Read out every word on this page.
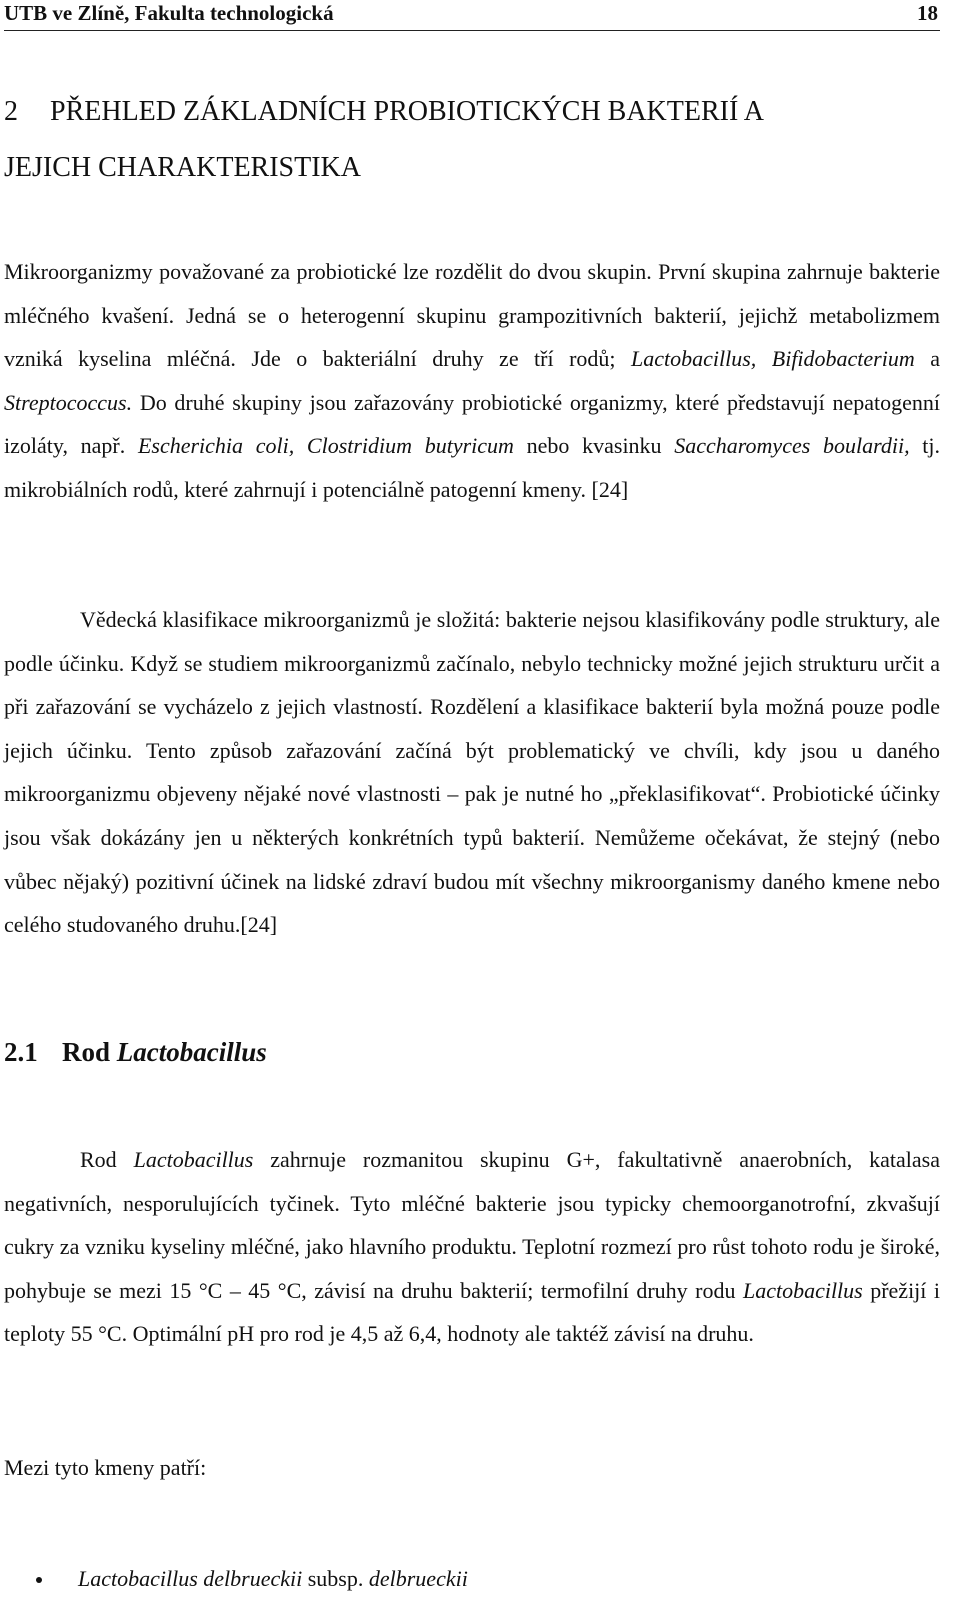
UTB ve Zlíně, Fakulta technologická	18
2 PŘEHLED ZÁKLADNÍCH PROBIOTICKÝCH BAKTERIÍ A
JEJICH CHARAKTERISTIKA

Mikroorganizmy považované za probiotické lze rozdělit do dvou skupin. První skupina zahrnuje bakterie mléčného kvašení. Jedná se o heterogenní skupinu grampozitivních bakterií, jejichž metabolizmem vzniká kyselina mléčná. Jde o bakteriální druhy ze tří rodů; Lactobacillus, Bifidobacterium a Streptococcus. Do druhé skupiny jsou zařazovány probiotické organizmy, které představují nepatogenní izoláty, např. Escherichia coli, Clostridium butyricum nebo kvasinku Saccharomyces boulardii, tj. mikrobiálních rodů, které zahrnují i potenciálně patogenní kmeny. [24]

Vědecká klasifikace mikroorganizmů je složitá: bakterie nejsou klasifikovány podle struktury, ale podle účinku. Když se studiem mikroorganizmů začínalo, nebylo technicky možné jejich strukturu určit a při zařazování se vycházelo z jejich vlastností. Rozdělení a klasifikace bakterií byla možná pouze podle jejich účinku. Tento způsob zařazování začíná být problematický ve chvíli, kdy jsou u daného mikroorganizmu objeveny nějaké nové vlastnosti – pak je nutné ho „překlasifikovat“. Probiotické účinky jsou však dokázány jen u některých konkrétních typů bakterií. Nemůžeme očekávat, že stejný (nebo vůbec nějaký) pozitivní účinek na lidské zdraví budou mít všechny mikroorganismy daného kmene nebo celého studovaného druhu.[24]

2.1 Rod Lactobacillus

Rod Lactobacillus zahrnuje rozmanitou skupinu G+, fakultativně anaerobních, katalasa negativních, nesporulujících tyčinek. Tyto mléčné bakterie jsou typicky chemoorganotrofní, zkvašují cukry za vzniku kyseliny mléčné, jako hlavního produktu. Teplotní rozmezí pro růst tohoto rodu je široké, pohybuje se mezi 15 °C – 45 °C, závisí na druhu bakterií; termofilní druhy rodu Lactobacillus přežijí i teploty 55 °C. Optimální pH pro rod je 4,5 až 6,4, hodnoty ale taktéž závisí na druhu.

Mezi tyto kmeny patří:

Lactobacillus delbrueckii subsp. delbrueckii
